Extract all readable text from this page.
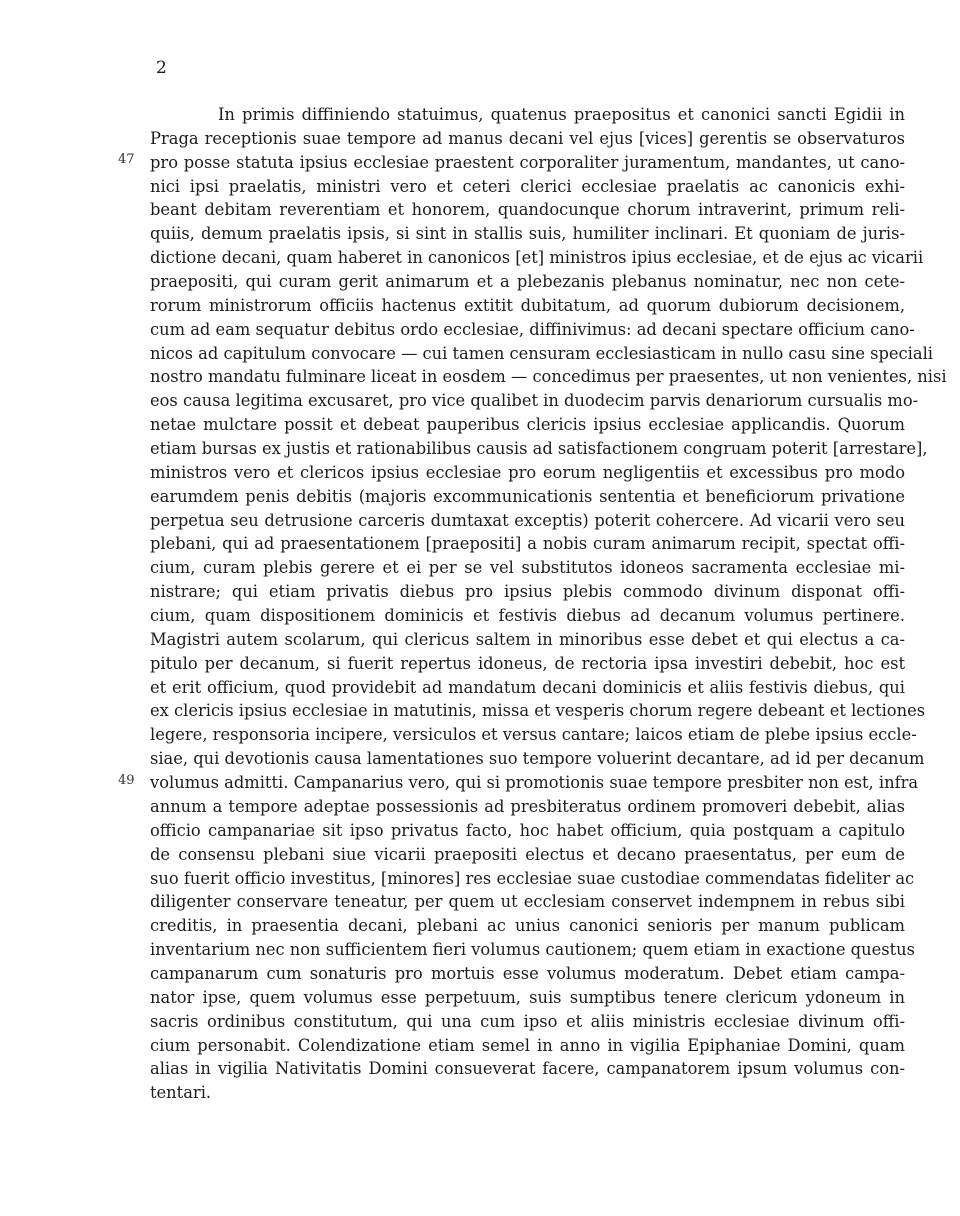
2
47
49
In primis diffiniendo statuimus, quatenus praepositus et canonici sancti Egidii in
Praga receptionis suae tempore ad manus decani vel ejus [vices] gerentis se observaturos
pro posse statuta ipsius ecclesiae praestent corporaliter juramentum, mandantes, ut cano-
nici ipsi praelatis, ministri vero et ceteri clerici ecclesiae praelatis ac canonicis exhi-
beant debitam reverentiam et honorem, quandocunque chorum intraverint, primum reli-
quiis, demum praelatis ipsis, si sint in stallis suis, humiliter inclinari. Et quoniam de juris-
dictione decani, quam haberet in canonicos [et] ministros ipius ecclesiae, et de ejus ac vicarii
praepositi, qui curam gerit animarum et a plebezanis plebanus nominatur, nec non cete-
rorum ministrorum officiis hactenus extitit dubitatum, ad quorum dubiorum decisionem,
cum ad eam sequatur debitus ordo ecclesiae, diffinivimus: ad decani spectare officium cano-
nicos ad capitulum convocare — cui tamen censuram ecclesiasticam in nullo casu sine speciali
nostro mandatu fulminare liceat in eosdem — concedimus per praesentes, ut non venientes, nisi
eos causa legitima excusaret, pro vice qualibet in duodecim parvis denariorum cursualis mo-
netae mulctare possit et debeat pauperibus clericis ipsius ecclesiae applicandis. Quorum
etiam bursas ex justis et rationabilibus causis ad satisfactionem congruam poterit [arrestare],
ministros vero et clericos ipsius ecclesiae pro eorum negligentiis et excessibus pro modo
earumdem penis debitis (majoris excommunicationis sententia et beneficiorum privatione
perpetua seu detrusione carceris dumtaxat exceptis) poterit cohercere. Ad vicarii vero seu
plebani, qui ad praesentationem [praepositi] a nobis curam animarum recipit, spectat offi-
cium, curam plebis gerere et ei per se vel substitutos idoneos sacramenta ecclesiae mi-
nistrare; qui etiam privatis diebus pro ipsius plebis commodo divinum disponat offi-
cium, quam dispositionem dominicis et festivis diebus ad decanum volumus pertinere.
Magistri autem scolarum, qui clericus saltem in minoribus esse debet et qui electus a ca-
pitulo per decanum, si fuerit repertus idoneus, de rectoria ipsa investiri debebit, hoc est
et erit officium, quod providebit ad mandatum decani dominicis et aliis festivis diebus, qui
ex clericis ipsius ecclesiae in matutinis, missa et vesperis chorum regere debeant et lectiones
legere, responsoria incipere, versiculos et versus cantare; laicos etiam de plebe ipsius eccle-
siae, qui devotionis causa lamentationes suo tempore voluerint decantare, ad id per decanum
volumus admitti. Campanarius vero, qui si promotionis suae tempore presbiter non est, infra
annum a tempore adeptae possessionis ad presbiteratus ordinem promoveri debebit, alias
officio campanariae sit ipso privatus facto, hoc habet officium, quia postquam a capitulo
de consensu plebani siue vicarii praepositi electus et decano praesentatus, per eum de
suo fuerit officio investitus, [minores] res ecclesiae suae custodiae commendatas fideliter ac
diligenter conservare teneatur, per quem ut ecclesiam conservet indempnem in rebus sibi
creditis, in praesentia decani, plebani ac unius canonici senioris per manum publicam
inventarium nec non sufficientem fieri volumus cautionem; quem etiam in exactione questus
campanarum cum sonaturis pro mortuis esse volumus moderatum. Debet etiam campa-
nator ipse, quem volumus esse perpetuum, suis sumptibus tenere clericum ydoneum in
sacris ordinibus constitutum, qui una cum ipso et aliis ministris ecclesiae divinum offi-
cium personabit. Colendizatione etiam semel in anno in vigilia Epiphaniae Domini, quam
alias in vigilia Nativitatis Domini consueverat facere, campanatorem ipsum volumus con-
tentari.
